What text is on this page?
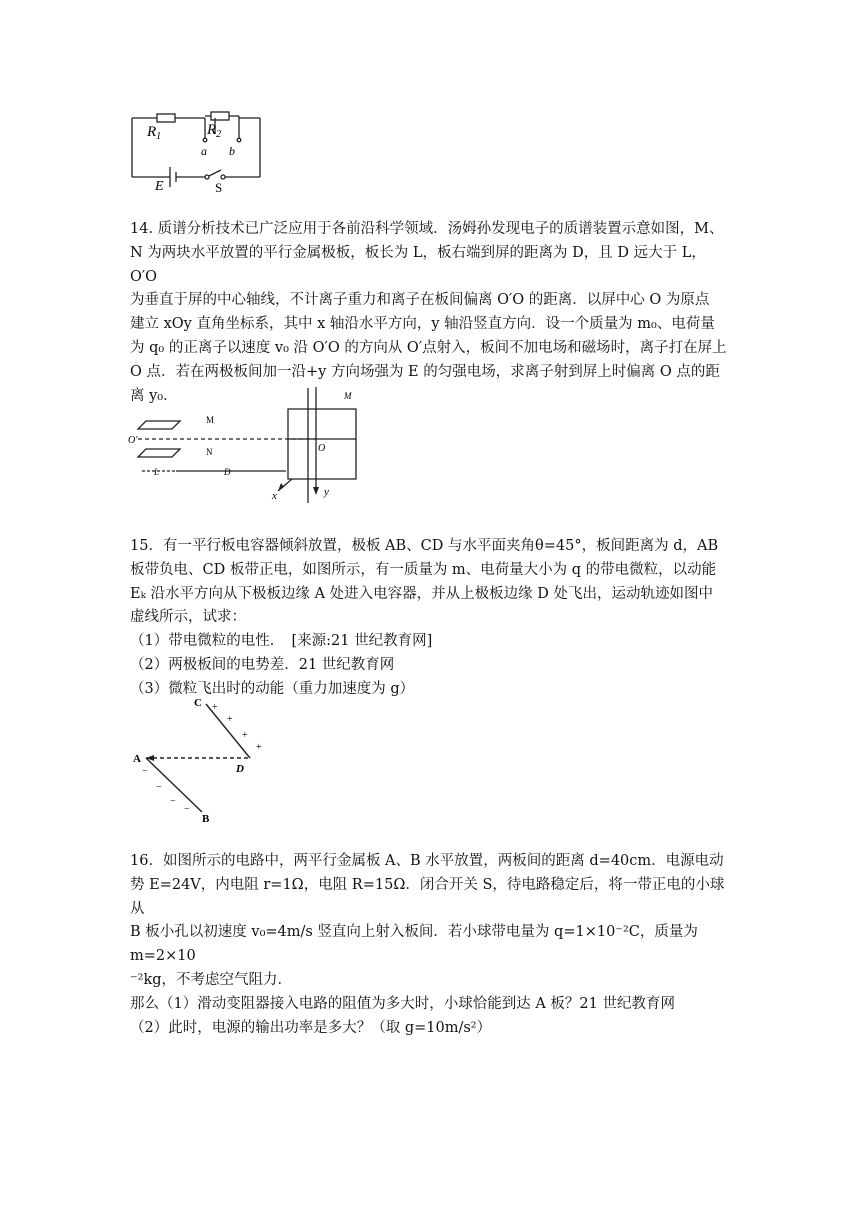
$R_1$	$R_2$
a b
E	S

14. 质谱分析技术已广泛应用于各前沿科学领域．汤姆孙发现电子的质谱装置示意如图，M、

N 为两块水平放置的平行金属极板，板长为 L，板右端到屏的距离为 D，且 D 远大于 L，O′O

为垂直于屏的中心轴线，不计离子重力和离子在板间偏离 O′O 的距离．以屏中心 O 为原点

建立 xOy 直角坐标系，其中 x 轴沿水平方向，y 轴沿竖直方向．设一个质量为 m₀、电荷量

为 q₀ 的正离子以速度 v₀ 沿 O′O 的方向从 O′点射入，板间不加电场和磁场时，离子打在屏上

O 点．若在两极板间加一沿+y 方向场强为 E 的匀强电场，求离子射到屏上时偏离 O 点的距

离 y₀．

M
N
O′
O
L	D
x	y
M

15．有一平行板电容器倾斜放置，极板 AB、CD 与水平面夹角θ=45°，板间距离为 d，AB

板带负电、CD 板带正电，如图所示，有一质量为 m、电荷量大小为 q 的带电微粒，以动能

Eₖ 沿水平方向从下极板边缘 A 处进入电容器，并从上极板边缘 D 处飞出，运动轨迹如图中

虚线所示，试求：

（1）带电微粒的电性．　[来源:21 世纪教育网]

（2）两极板间的电势差．21 世纪教育网

（3）微粒飞出时的动能（重力加速度为 g）

C
A
D
B
+
+
+
+
−
−
−
−

16．如图所示的电路中，两平行金属板 A、B 水平放置，两板间的距离 d=40cm．电源电动

势 E=24V，内电阻 r=1Ω，电阻 R=15Ω．闭合开关 S，待电路稳定后，将一带正电的小球从

B 板小孔以初速度 v₀=4m/s 竖直向上射入板间．若小球带电量为 q=1×10⁻²C，质量为 m=2×10

⁻²kg，不考虑空气阻力．

那么（1）滑动变阻器接入电路的阻值为多大时，小球恰能到达 A 板？21 世纪教育网

（2）此时，电源的输出功率是多大？（取 g=10m/s²）
